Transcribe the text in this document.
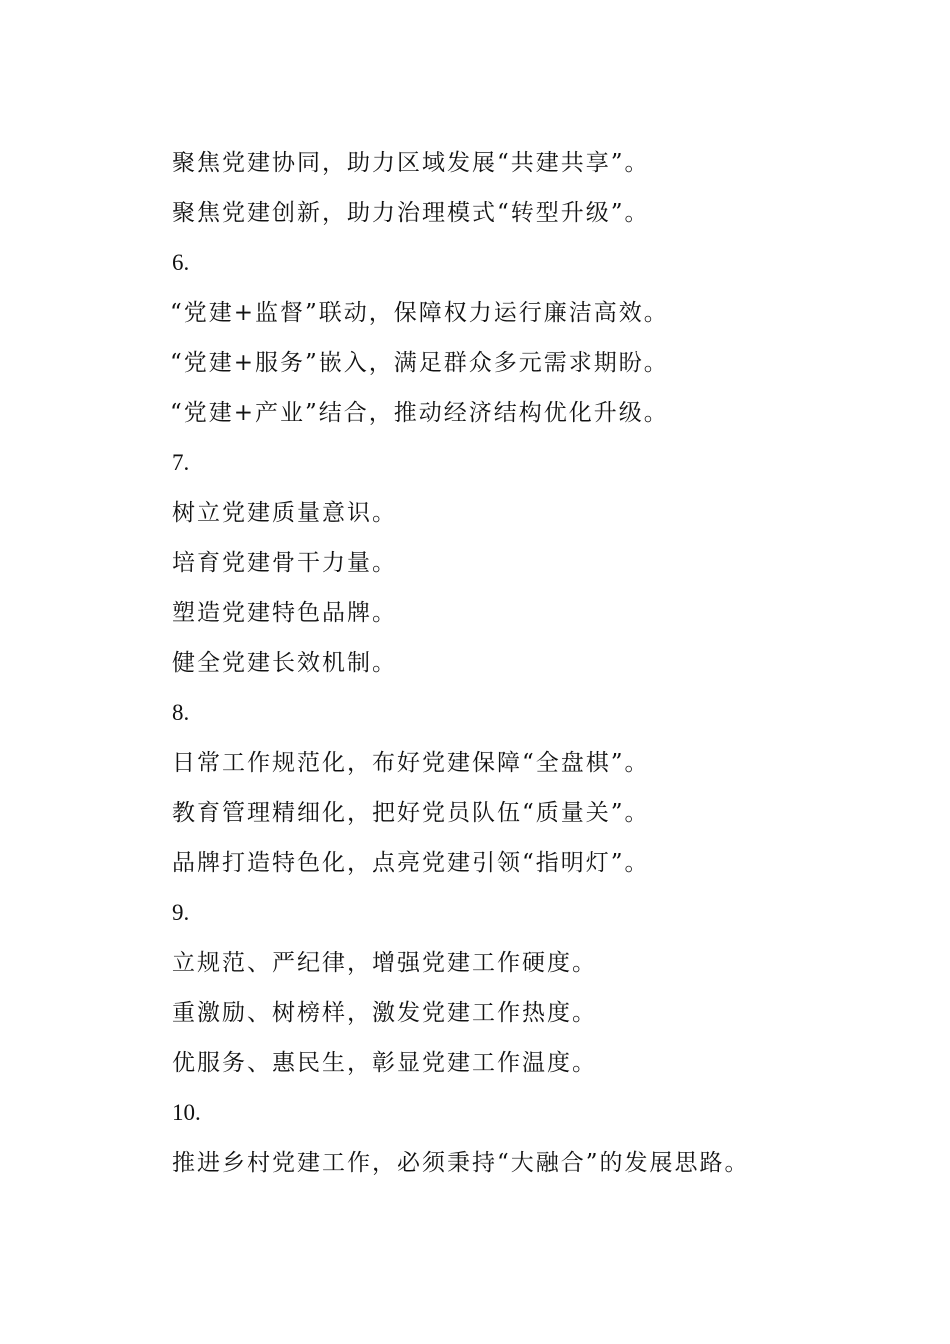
聚焦党建协同，助力区域发展“共建共享”。
聚焦党建创新，助力治理模式“转型升级”。
6.
“党建+监督”联动，保障权力运行廉洁高效。
“党建+服务”嵌入，满足群众多元需求期盼。
“党建+产业”结合，推动经济结构优化升级。
7.
树立党建质量意识。
培育党建骨干力量。
塑造党建特色品牌。
健全党建长效机制。
8.
日常工作规范化，布好党建保障“全盘棋”。
教育管理精细化，把好党员队伍“质量关”。
品牌打造特色化，点亮党建引领“指明灯”。
9.
立规范、严纪律，增强党建工作硬度。
重激励、树榜样，激发党建工作热度。
优服务、惠民生，彰显党建工作温度。
10.
推进乡村党建工作，必须秉持“大融合”的发展思路。
